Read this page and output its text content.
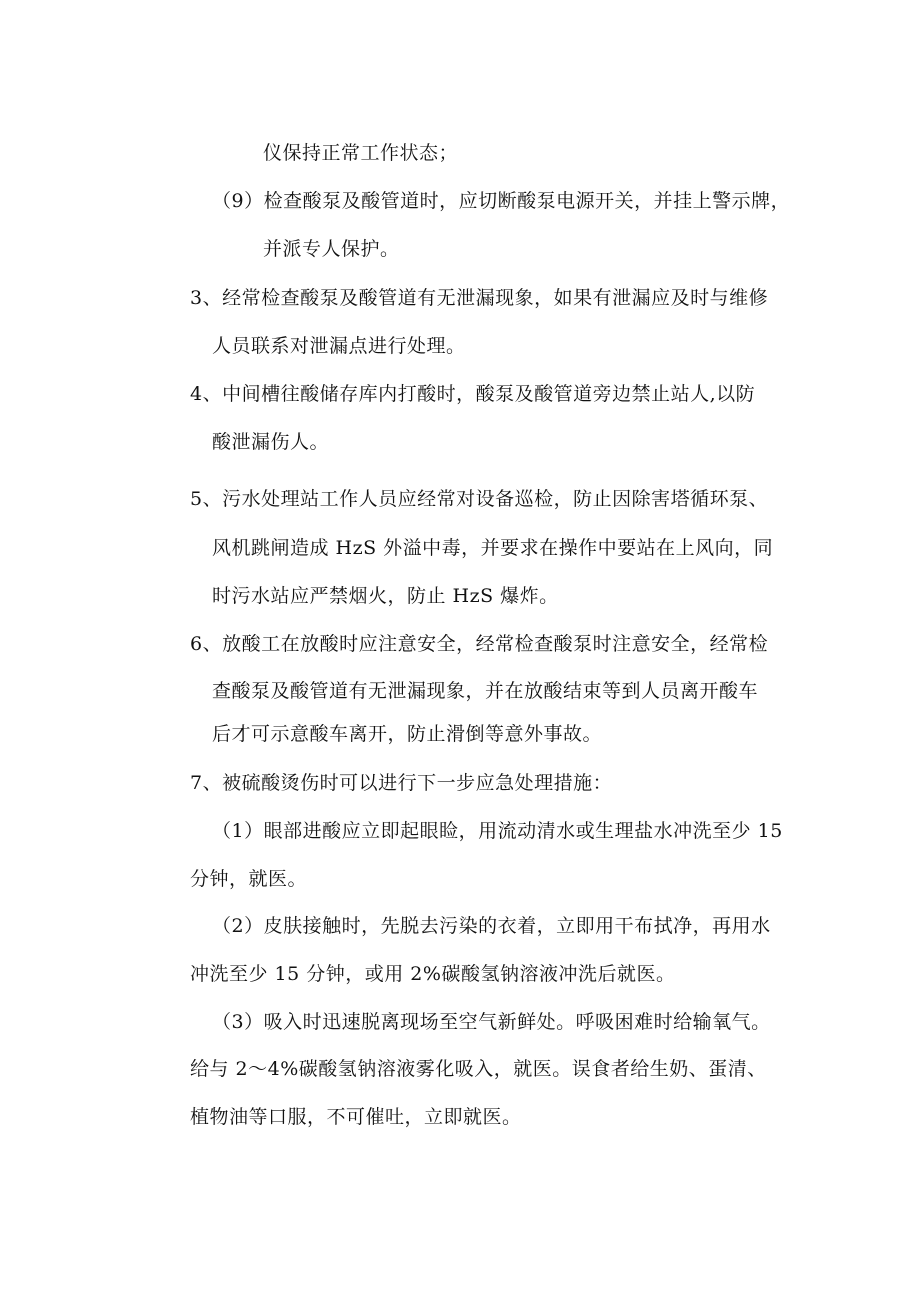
仪保持正常工作状态；
（9）检查酸泵及酸管道时，应切断酸泵电源开关，并挂上警示牌，
并派专人保护。
3、经常检查酸泵及酸管道有无泄漏现象，如果有泄漏应及时与维修
人员联系对泄漏点进行处理。
4、中间槽往酸储存库内打酸时，酸泵及酸管道旁边禁止站人,以防
酸泄漏伤人。
5、污水处理站工作人员应经常对设备巡检，防止因除害塔循环泵、
风机跳闸造成 HzS 外溢中毒，并要求在操作中要站在上风向，同
时污水站应严禁烟火，防止 HzS 爆炸。
6、放酸工在放酸时应注意安全，经常检查酸泵时注意安全，经常检
查酸泵及酸管道有无泄漏现象，并在放酸结束等到人员离开酸车
后才可示意酸车离开，防止滑倒等意外事故。
7、被硫酸烫伤时可以进行下一步应急处理措施：
（1）眼部进酸应立即起眼睑，用流动清水或生理盐水冲洗至少 15
分钟，就医。
（2）皮肤接触时，先脱去污染的衣着，立即用干布拭净，再用水
冲洗至少 15 分钟，或用 2%碳酸氢钠溶液冲洗后就医。
（3）吸入时迅速脱离现场至空气新鲜处。呼吸困难时给输氧气。
给与 2～4%碳酸氢钠溶液雾化吸入，就医。误食者给生奶、蛋清、
植物油等口服，不可催吐，立即就医。
